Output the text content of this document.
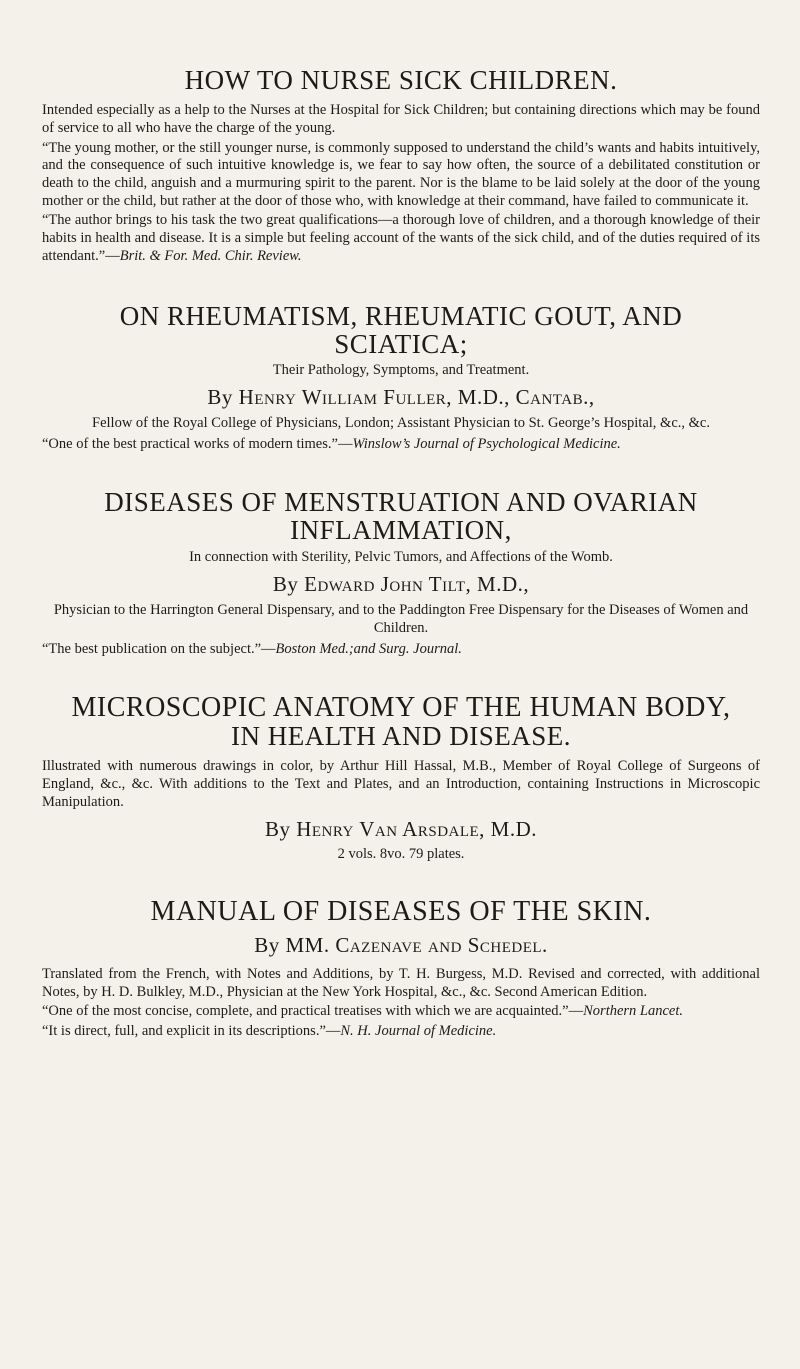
HOW TO NURSE SICK CHILDREN.

Intended especially as a help to the Nurses at the Hospital for Sick Children; but containing directions which may be found of service to all who have the charge of the young.

“The young mother, or the still younger nurse, is commonly supposed to understand the child’s wants and habits intuitively, and the consequence of such intuitive knowledge is, we fear to say how often, the source of a debilitated constitution or death to the child, anguish and a murmuring spirit to the parent. Nor is the blame to be laid solely at the door of the young mother or the child, but rather at the door of those who, with knowledge at their command, have failed to communicate it.

“The author brings to his task the two great qualifications—a thorough love of children, and a thorough knowledge of their habits in health and disease. It is a simple but feeling account of the wants of the sick child, and of the duties required of its attendant.”—Brit. & For. Med. Chir. Review.

ON RHEUMATISM, RHEUMATIC GOUT, AND
SCIATICA;

Their Pathology, Symptoms, and Treatment.

By Henry William Fuller, M.D., Cantab.,

Fellow of the Royal College of Physicians, London; Assistant Physician to St. George’s Hospital, &c., &c.

“One of the best practical works of modern times.”—Winslow’s Journal of Psychological Medicine.

DISEASES OF MENSTRUATION AND OVARIAN
INFLAMMATION,

In connection with Sterility, Pelvic Tumors, and Affections of the Womb.

By Edward John Tilt, M.D.,

Physician to the Harrington General Dispensary, and to the Paddington Free Dispensary for the Diseases of Women and Children.

“The best publication on the subject.”—Boston Med.;and Surg. Journal.

MICROSCOPIC ANATOMY OF THE HUMAN BODY,
IN HEALTH AND DISEASE.

Illustrated with numerous drawings in color, by Arthur Hill Hassal, M.B., Member of Royal College of Surgeons of England, &c., &c. With additions to the Text and Plates, and an Introduction, containing Instructions in Microscopic Manipulation.

By Henry Van Arsdale, M.D.

2 vols. 8vo. 79 plates.

MANUAL OF DISEASES OF THE SKIN.

By MM. Cazenave and Schedel.

Translated from the French, with Notes and Additions, by T. H. Burgess, M.D. Revised and corrected, with additional Notes, by H. D. Bulkley, M.D., Physician at the New York Hospital, &c., &c. Second American Edition.

“One of the most concise, complete, and practical treatises with which we are acquainted.”—Northern Lancet.

“It is direct, full, and explicit in its descriptions.”—N. H. Journal of Medicine.
